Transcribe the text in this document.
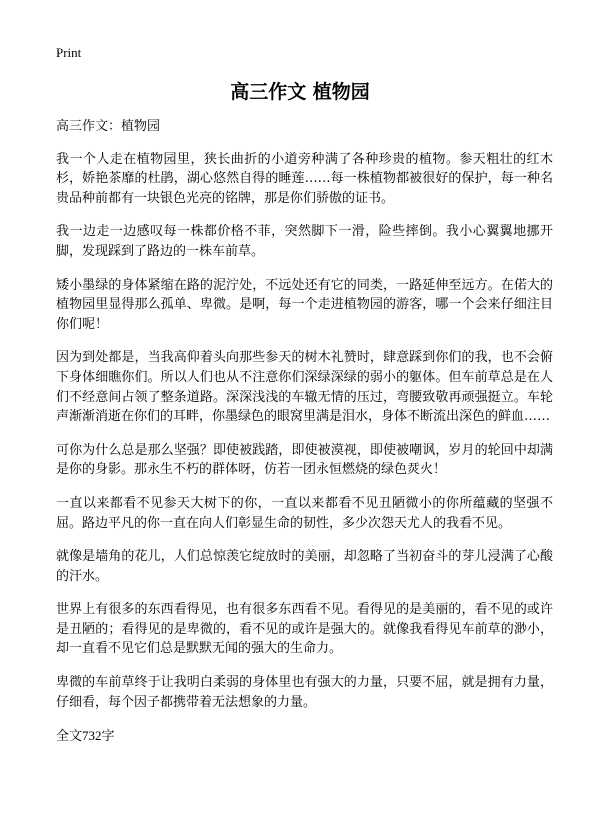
Print
高三作文 植物园

高三作文：植物园

我一个人走在植物园里，狭长曲折的小道旁种满了各种珍贵的植物。参天粗壮的红木杉，娇艳茶靡的杜鹃，湖心悠然自得的睡莲……每一株植物都被很好的保护，每一种名贵品种前都有一块银色光亮的铭牌，那是你们骄傲的证书。

我一边走一边感叹每一株都价格不菲，突然脚下一滑，险些摔倒。我小心翼翼地挪开脚，发现踩到了路边的一株车前草。

矮小墨绿的身体紧缩在路的泥泞处，不远处还有它的同类，一路延伸至远方。在偌大的植物园里显得那么孤单、卑微。是啊，每一个走进植物园的游客，哪一个会来仔细注目你们呢！

因为到处都是，当我高仰着头向那些参天的树木礼赞时，肆意踩到你们的我，也不会俯下身体细瞧你们。所以人们也从不注意你们深绿深绿的弱小的躯体。但车前草总是在人们不经意间占领了整条道路。深深浅浅的车辙无情的压过，弯腰致敬再顽强挺立。车轮声渐渐消逝在你们的耳畔，你墨绿色的眼窝里满是泪水，身体不断流出深色的鲜血……

可你为什么总是那么坚强？即使被践踏，即使被漠视，即使被嘲讽，岁月的轮回中却满是你的身影。那永生不朽的群体呀，仿若一团永恒燃烧的绿色烎火！

一直以来都看不见参天大树下的你，一直以来都看不见丑陋微小的你所蕴藏的坚强不屈。路边平凡的你一直在向人们彰显生命的韧性，多少次怨天尤人的我看不见。

就像是墙角的花儿，人们总惊羡它绽放时的美丽，却忽略了当初奋斗的芽儿浸满了心酸的汗水。

世界上有很多的东西看得见，也有很多东西看不见。看得见的是美丽的，看不见的或许是丑陋的；看得见的是卑微的，看不见的或许是强大的。就像我看得见车前草的渺小，却一直看不见它们总是默默无闻的强大的生命力。

卑微的车前草终于让我明白柔弱的身体里也有强大的力量，只要不屈，就是拥有力量，仔细看，每个因子都携带着无法想象的力量。

全文732字
